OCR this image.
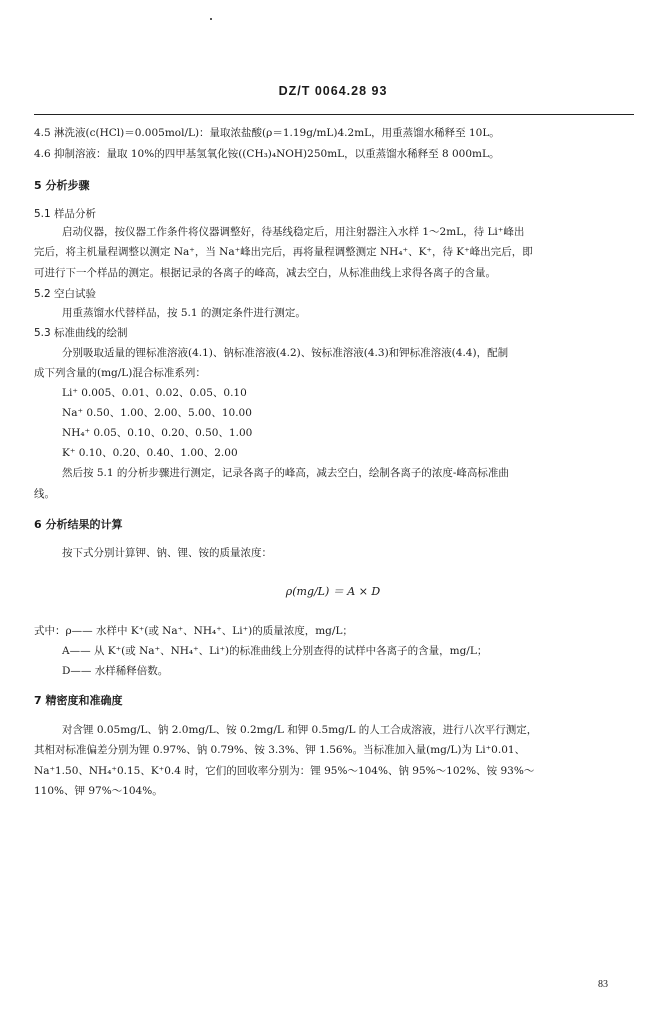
DZ/T 0064.28 93
4.5 淋洗液(c(HCl)＝0.005mol/L)：量取浓盐酸(ρ＝1.19g/mL)4.2mL，用重蒸馏水稀释至 10L。
4.6 抑制溶液：量取 10%的四甲基氢氧化铵((CH₃)₄NOH)250mL，以重蒸馏水稀释至 8 000mL。
5 分析步骤
5.1 样品分析
启动仪器，按仪器工作条件将仪器调整好，待基线稳定后，用注射器注入水样 1～2mL，待 Li⁺峰出
完后，将主机量程调整以测定 Na⁺，当 Na⁺峰出完后，再将量程调整测定 NH₄⁺、K⁺，待 K⁺峰出完后，即
可进行下一个样品的测定。根据记录的各离子的峰高，减去空白，从标准曲线上求得各离子的含量。
5.2 空白试验
用重蒸馏水代替样品，按 5.1 的测定条件进行测定。
5.3 标准曲线的绘制
分别吸取适量的锂标准溶液(4.1)、钠标准溶液(4.2)、铵标准溶液(4.3)和钾标准溶液(4.4)，配制
成下列含量的(mg/L)混合标准系列：
Li⁺ 0.005、0.01、0.02、0.05、0.10
Na⁺ 0.50、1.00、2.00、5.00、10.00
NH₄⁺ 0.05、0.10、0.20、0.50、1.00
K⁺ 0.10、0.20、0.40、1.00、2.00
然后按 5.1 的分析步骤进行测定，记录各离子的峰高，减去空白，绘制各离子的浓度-峰高标准曲
线。
6 分析结果的计算
按下式分别计算钾、钠、锂、铵的质量浓度：
式中：ρ—— 水样中 K⁺(或 Na⁺、NH₄⁺、Li⁺)的质量浓度，mg/L；
A—— 从 K⁺(或 Na⁺、NH₄⁺、Li⁺)的标准曲线上分别查得的试样中各离子的含量，mg/L；
D—— 水样稀释倍数。
7 精密度和准确度
对含锂 0.05mg/L、钠 2.0mg/L、铵 0.2mg/L 和钾 0.5mg/L 的人工合成溶液，进行八次平行测定，
其相对标准偏差分别为锂 0.97%、钠 0.79%、铵 3.3%、钾 1.56%。当标准加入量(mg/L)为 Li⁺0.01、
Na⁺1.50、NH₄⁺0.15、K⁺0.4 时，它们的回收率分别为：锂 95%～104%、钠 95%～102%、铵 93%～
110%、钾 97%～104%。
ρ(mg/L) ＝ A × D
83
